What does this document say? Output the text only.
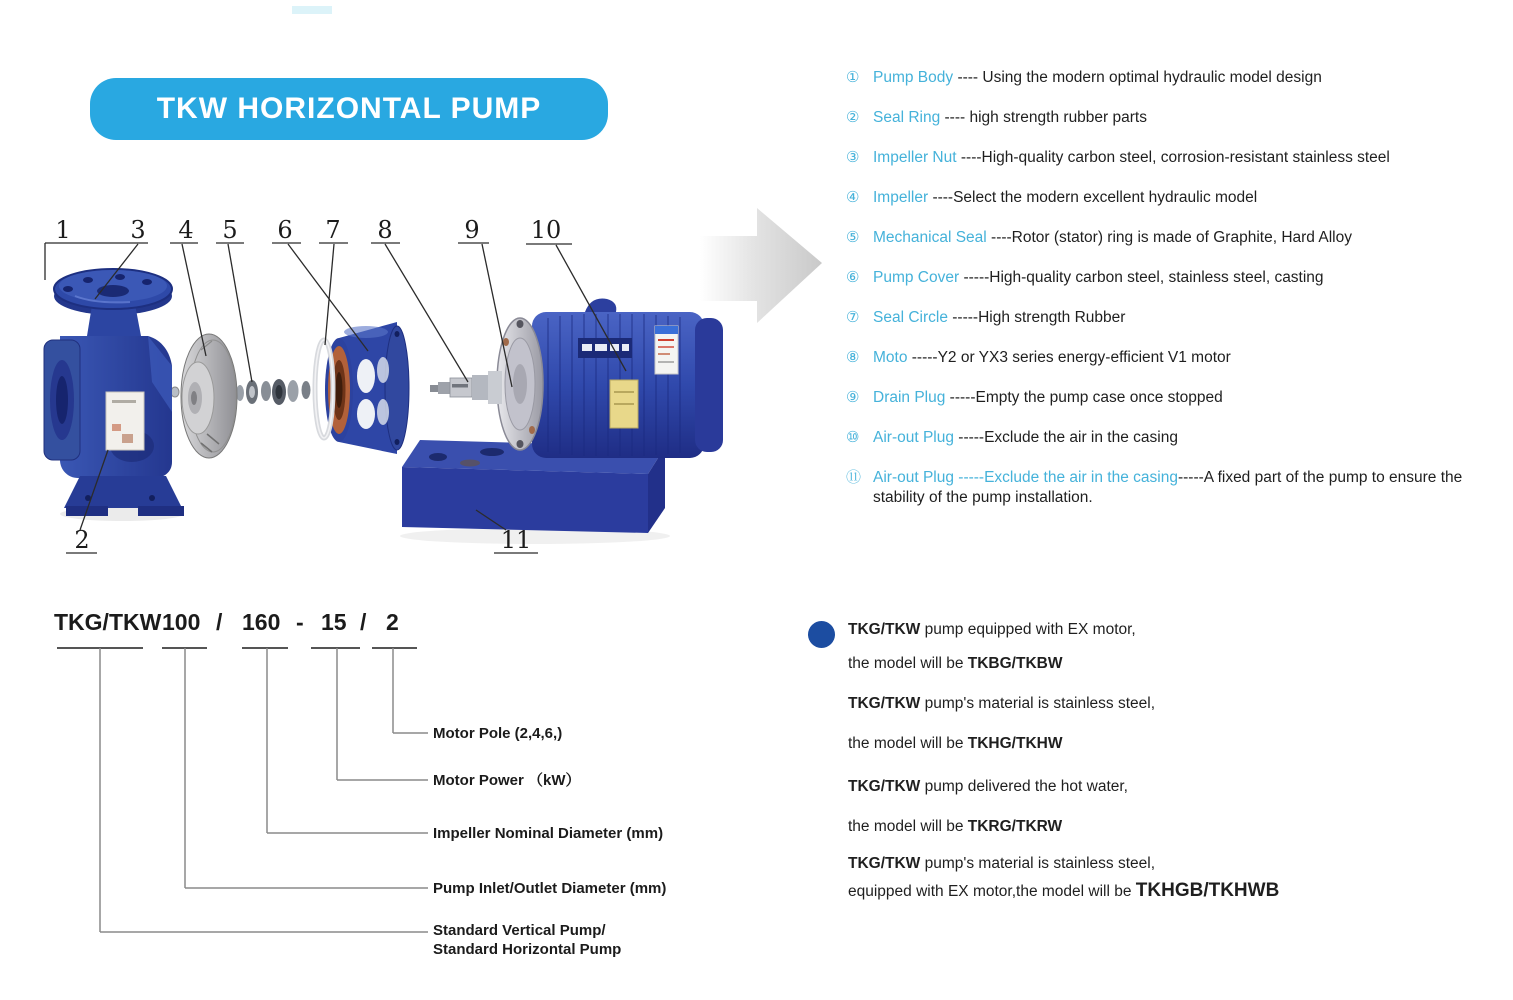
TKW HORIZONTAL PUMP
1 3 4 5 6 7 8	9 10
2	11
① Pump Body ---- Using the modern optimal hydraulic model design
② Seal Ring ---- high strength rubber parts
③ Impeller Nut ----High-quality carbon steel, corrosion-resistant stainless steel
④ Impeller ----Select the modern excellent hydraulic model
⑤ Mechanical Seal ----Rotor (stator) ring is made of Graphite, Hard Alloy
⑥ Pump Cover -----High-quality carbon steel, stainless steel, casting
⑦ Seal Circle -----High strength Rubber
⑧ Moto -----Y2 or YX3 series energy-efficient V1 motor
⑨ Drain Plug -----Empty the pump case once stopped
⑩ Air-out Plug -----Exclude the air in the casing
⑪ Air-out Plug -----Exclude the air in the casing-----A fixed part of the pump to ensure the stability of the pump installation.
TKG/TKW 100 / 160 - 15 / 2
Motor Pole (2,4,6,)
Motor Power （kW）
Impeller Nominal Diameter (mm)
Pump Inlet/Outlet Diameter (mm)
Standard Vertical Pump/
Standard Horizontal Pump
TKG/TKW pump equipped with EX motor,
the model will be TKBG/TKBW
TKG/TKW pump's material is stainless steel,
the model will be TKHG/TKHW
TKG/TKW pump delivered the hot water,
the model will be TKRG/TKRW
TKG/TKW pump's material is stainless steel,
equipped with EX motor,the model will be TKHGB/TKHWB
